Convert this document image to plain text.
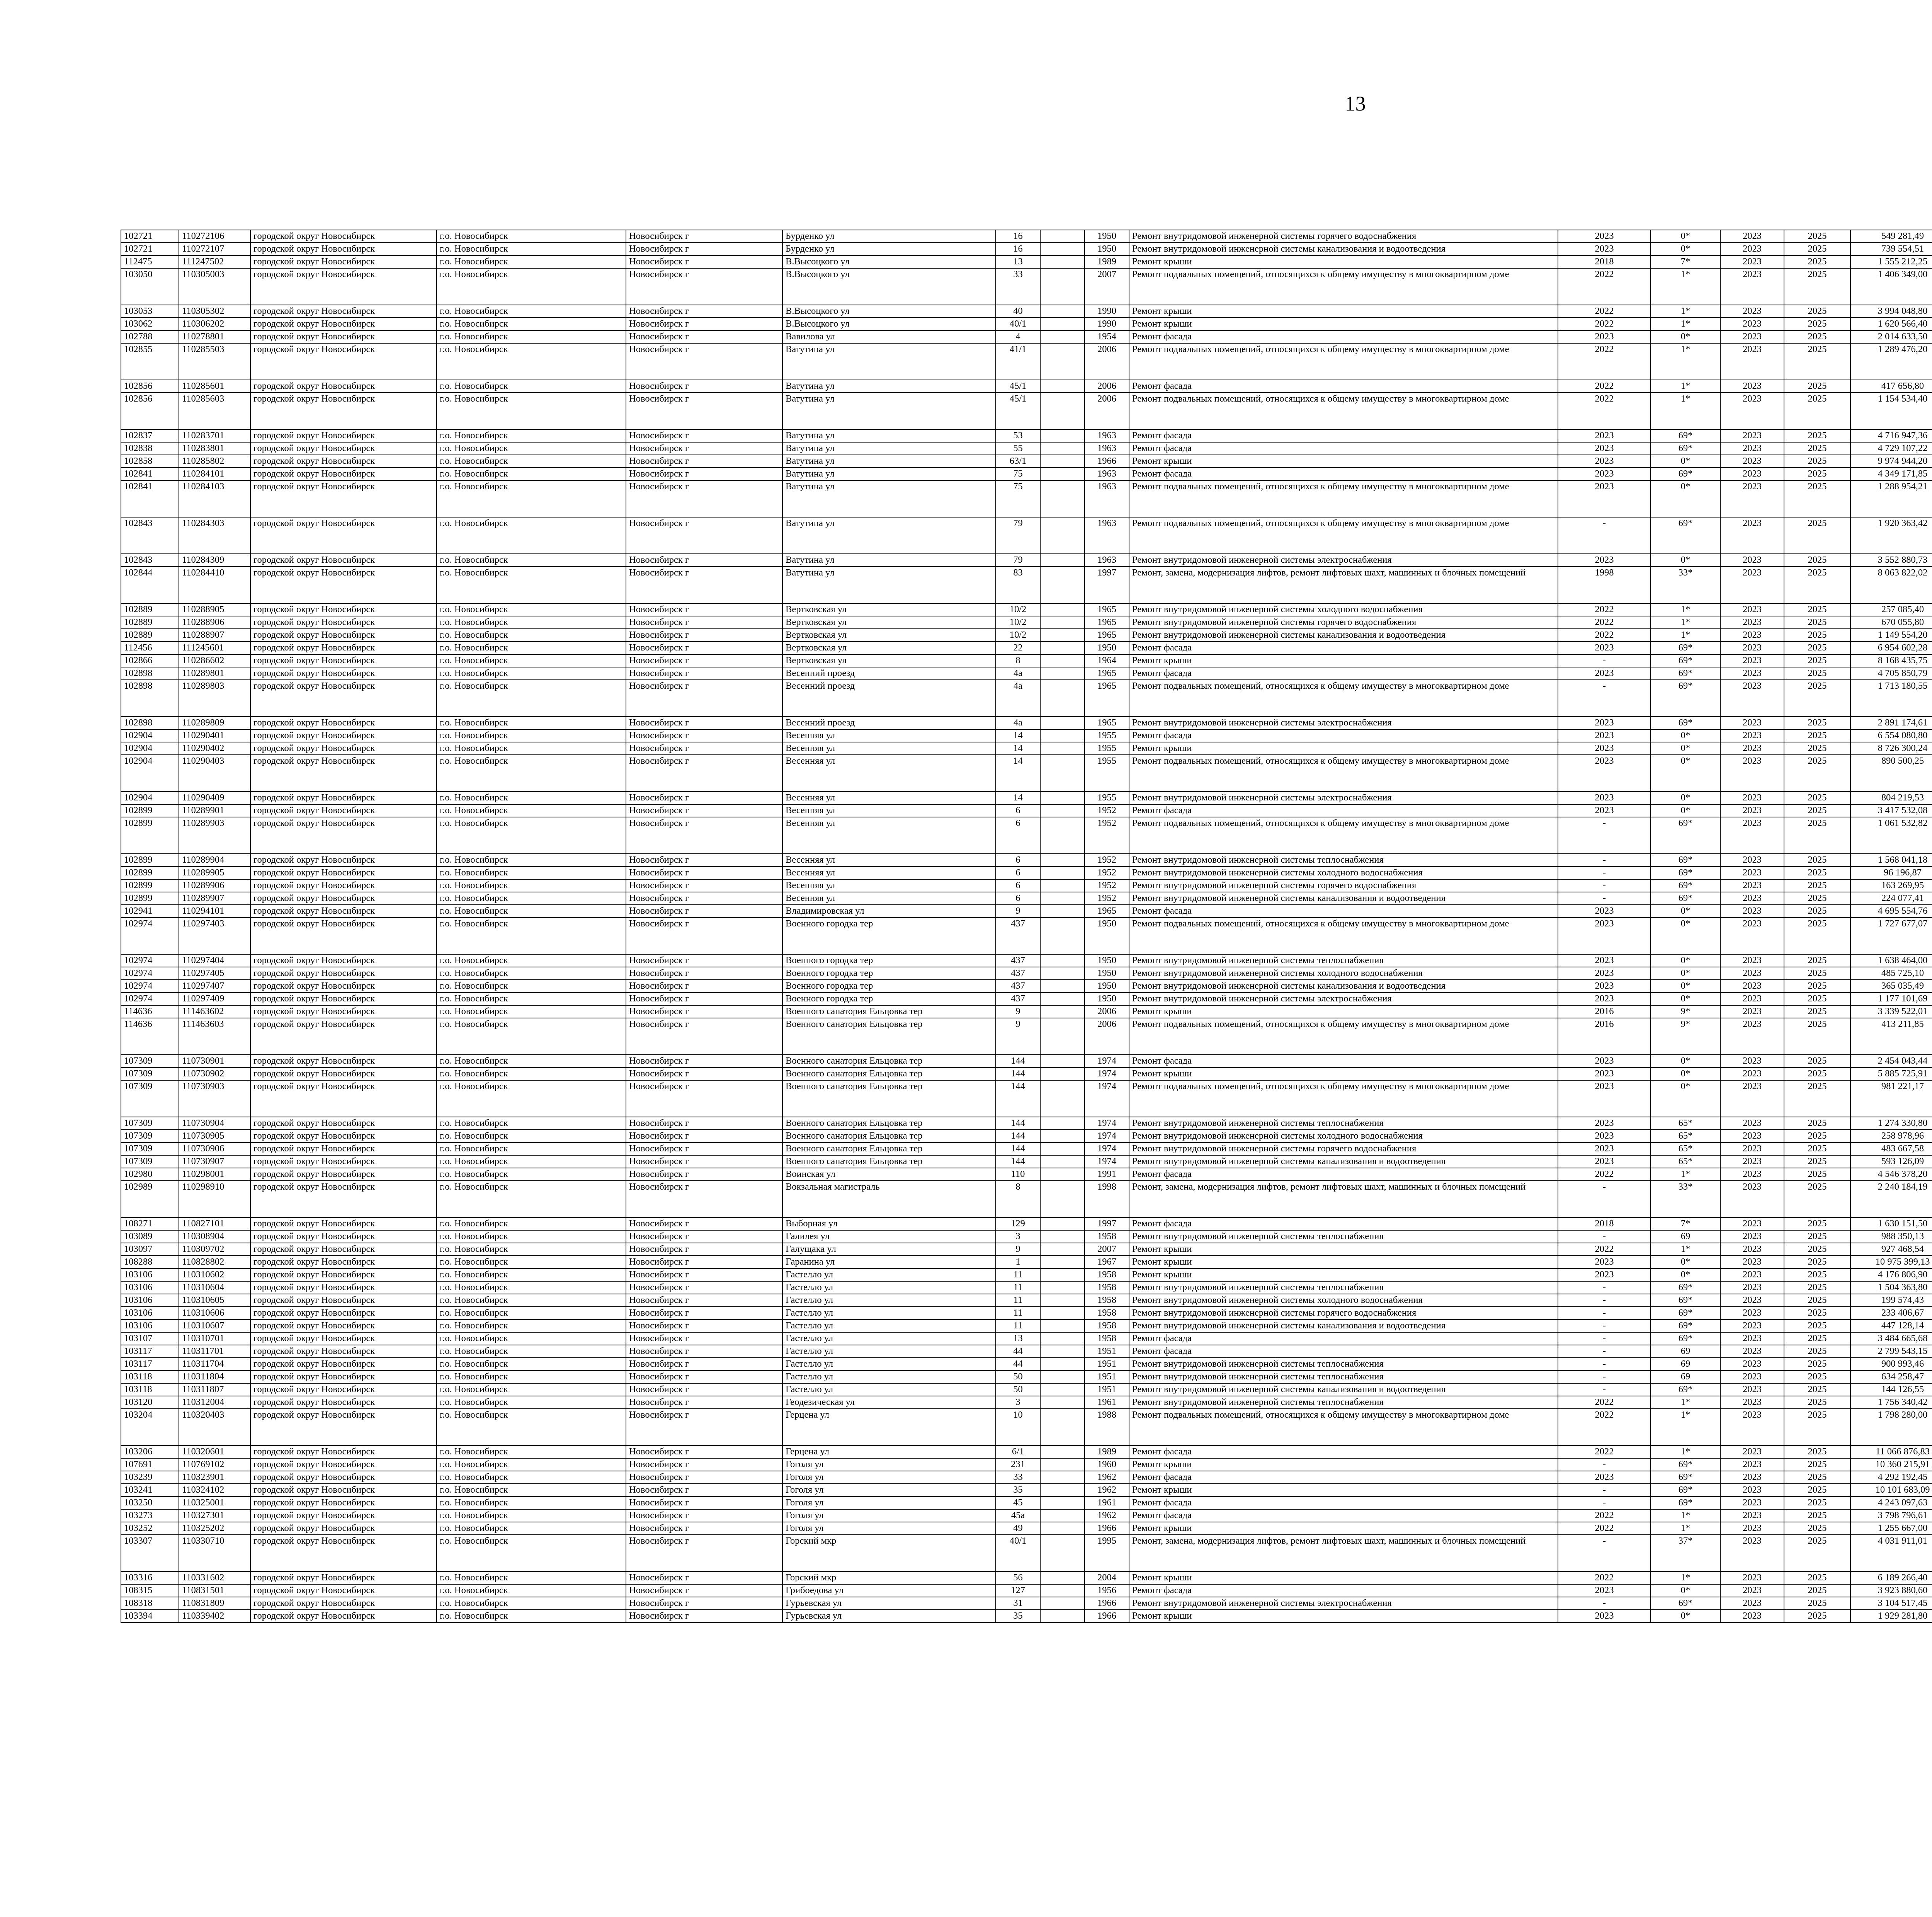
13
102721	110272106	городской округ Новосибирск	г.о. Новосибирск	Новосибирск г	Бурденко ул	16		1950	Ремонт внутридомовой инженерной системы горячего водоснабжения	2023	0*	2023	2025	549 281,49						
102721	110272107	городской округ Новосибирск	г.о. Новосибирск	Новосибирск г	Бурденко ул	16		1950	Ремонт внутридомовой инженерной системы канализования и водоотведения	2023	0*	2023	2025	739 554,51						
112475	111247502	городской округ Новосибирск	г.о. Новосибирск	Новосибирск г	В.Высоцкого ул	13		1989	Ремонт крыши	2018	7*	2023	2025	1 555 212,25						
103050	110305003	городской округ Новосибирск	г.о. Новосибирск	Новосибирск г	В.Высоцкого ул	33		2007	Ремонт подвальных помещений, относящихся к общему имуществу в многоквартирном доме	2022	1*	2023	2025	1 406 349,00						
103053	110305302	городской округ Новосибирск	г.о. Новосибирск	Новосибирск г	В.Высоцкого ул	40		1990	Ремонт крыши	2022	1*	2023	2025	3 994 048,80						
103062	110306202	городской округ Новосибирск	г.о. Новосибирск	Новосибирск г	В.Высоцкого ул	40/1		1990	Ремонт крыши	2022	1*	2023	2025	1 620 566,40						
102788	110278801	городской округ Новосибирск	г.о. Новосибирск	Новосибирск г	Вавилова ул	4		1954	Ремонт фасада	2023	0*	2023	2025	2 014 633,50						
102855	110285503	городской округ Новосибирск	г.о. Новосибирск	Новосибирск г	Ватутина ул	41/1		2006	Ремонт подвальных помещений, относящихся к общему имуществу в многоквартирном доме	2022	1*	2023	2025	1 289 476,20						
102856	110285601	городской округ Новосибирск	г.о. Новосибирск	Новосибирск г	Ватутина ул	45/1		2006	Ремонт фасада	2022	1*	2023	2025	417 656,80						
102856	110285603	городской округ Новосибирск	г.о. Новосибирск	Новосибирск г	Ватутина ул	45/1		2006	Ремонт подвальных помещений, относящихся к общему имуществу в многоквартирном доме	2022	1*	2023	2025	1 154 534,40						
102837	110283701	городской округ Новосибирск	г.о. Новосибирск	Новосибирск г	Ватутина ул	53		1963	Ремонт фасада	2023	69*	2023	2025	4 716 947,36						
102838	110283801	городской округ Новосибирск	г.о. Новосибирск	Новосибирск г	Ватутина ул	55		1963	Ремонт фасада	2023	69*	2023	2025	4 729 107,22						
102858	110285802	городской округ Новосибирск	г.о. Новосибирск	Новосибирск г	Ватутина ул	63/1		1966	Ремонт крыши	2023	0*	2023	2025	9 974 944,20						
102841	110284101	городской округ Новосибирск	г.о. Новосибирск	Новосибирск г	Ватутина ул	75		1963	Ремонт фасада	2023	69*	2023	2025	4 349 171,85						
102841	110284103	городской округ Новосибирск	г.о. Новосибирск	Новосибирск г	Ватутина ул	75		1963	Ремонт подвальных помещений, относящихся к общему имуществу в многоквартирном доме	2023	0*	2023	2025	1 288 954,21						
102843	110284303	городской округ Новосибирск	г.о. Новосибирск	Новосибирск г	Ватутина ул	79		1963	Ремонт подвальных помещений, относящихся к общему имуществу в многоквартирном доме	-	69*	2023	2025	1 920 363,42						
102843	110284309	городской округ Новосибирск	г.о. Новосибирск	Новосибирск г	Ватутина ул	79		1963	Ремонт внутридомовой инженерной системы электроснабжения	2023	0*	2023	2025	3 552 880,73						
102844	110284410	городской округ Новосибирск	г.о. Новосибирск	Новосибирск г	Ватутина ул	83		1997	Ремонт, замена, модернизация лифтов, ремонт лифтовых шахт, машинных и блочных помещений	1998	33*	2023	2025	8 063 822,02						
102889	110288905	городской округ Новосибирск	г.о. Новосибирск	Новосибирск г	Вертковская ул	10/2		1965	Ремонт внутридомовой инженерной системы холодного водоснабжения	2022	1*	2023	2025	257 085,40						
102889	110288906	городской округ Новосибирск	г.о. Новосибирск	Новосибирск г	Вертковская ул	10/2		1965	Ремонт внутридомовой инженерной системы горячего водоснабжения	2022	1*	2023	2025	670 055,80						
102889	110288907	городской округ Новосибирск	г.о. Новосибирск	Новосибирск г	Вертковская ул	10/2		1965	Ремонт внутридомовой инженерной системы канализования и водоотведения	2022	1*	2023	2025	1 149 554,20						
112456	111245601	городской округ Новосибирск	г.о. Новосибирск	Новосибирск г	Вертковская ул	22		1950	Ремонт фасада	2023	69*	2023	2025	6 954 602,28						
102866	110286602	городской округ Новосибирск	г.о. Новосибирск	Новосибирск г	Вертковская ул	8		1964	Ремонт крыши	-	69*	2023	2025	8 168 435,75						
102898	110289801	городской округ Новосибирск	г.о. Новосибирск	Новосибирск г	Весенний проезд	4а		1965	Ремонт фасада	2023	69*	2023	2025	4 705 850,79						
102898	110289803	городской округ Новосибирск	г.о. Новосибирск	Новосибирск г	Весенний проезд	4а		1965	Ремонт подвальных помещений, относящихся к общему имуществу в многоквартирном доме	-	69*	2023	2025	1 713 180,55						
102898	110289809	городской округ Новосибирск	г.о. Новосибирск	Новосибирск г	Весенний проезд	4а		1965	Ремонт внутридомовой инженерной системы электроснабжения	2023	69*	2023	2025	2 891 174,61						
102904	110290401	городской округ Новосибирск	г.о. Новосибирск	Новосибирск г	Весенняя ул	14		1955	Ремонт фасада	2023	0*	2023	2025	6 554 080,80						
102904	110290402	городской округ Новосибирск	г.о. Новосибирск	Новосибирск г	Весенняя ул	14		1955	Ремонт крыши	2023	0*	2023	2025	8 726 300,24						
102904	110290403	городской округ Новосибирск	г.о. Новосибирск	Новосибирск г	Весенняя ул	14		1955	Ремонт подвальных помещений, относящихся к общему имуществу в многоквартирном доме	2023	0*	2023	2025	890 500,25						
102904	110290409	городской округ Новосибирск	г.о. Новосибирск	Новосибирск г	Весенняя ул	14		1955	Ремонт внутридомовой инженерной системы электроснабжения	2023	0*	2023	2025	804 219,53						
102899	110289901	городской округ Новосибирск	г.о. Новосибирск	Новосибирск г	Весенняя ул	6		1952	Ремонт фасада	2023	0*	2023	2025	3 417 532,08						
102899	110289903	городской округ Новосибирск	г.о. Новосибирск	Новосибирск г	Весенняя ул	6		1952	Ремонт подвальных помещений, относящихся к общему имуществу в многоквартирном доме	-	69*	2023	2025	1 061 532,82						
102899	110289904	городской округ Новосибирск	г.о. Новосибирск	Новосибирск г	Весенняя ул	6		1952	Ремонт внутридомовой инженерной системы теплоснабжения	-	69*	2023	2025	1 568 041,18						
102899	110289905	городской округ Новосибирск	г.о. Новосибирск	Новосибирск г	Весенняя ул	6		1952	Ремонт внутридомовой инженерной системы холодного водоснабжения	-	69*	2023	2025	96 196,87						
102899	110289906	городской округ Новосибирск	г.о. Новосибирск	Новосибирск г	Весенняя ул	6		1952	Ремонт внутридомовой инженерной системы горячего водоснабжения	-	69*	2023	2025	163 269,95						
102899	110289907	городской округ Новосибирск	г.о. Новосибирск	Новосибирск г	Весенняя ул	6		1952	Ремонт внутридомовой инженерной системы канализования и водоотведения	-	69*	2023	2025	224 077,41						
102941	110294101	городской округ Новосибирск	г.о. Новосибирск	Новосибирск г	Владимировская ул	9		1965	Ремонт фасада	2023	0*	2023	2025	4 695 554,76						
102974	110297403	городской округ Новосибирск	г.о. Новосибирск	Новосибирск г	Военного городка тер	437		1950	Ремонт подвальных помещений, относящихся к общему имуществу в многоквартирном доме	2023	0*	2023	2025	1 727 677,07						
102974	110297404	городской округ Новосибирск	г.о. Новосибирск	Новосибирск г	Военного городка тер	437		1950	Ремонт внутридомовой инженерной системы теплоснабжения	2023	0*	2023	2025	1 638 464,00						
102974	110297405	городской округ Новосибирск	г.о. Новосибирск	Новосибирск г	Военного городка тер	437		1950	Ремонт внутридомовой инженерной системы холодного водоснабжения	2023	0*	2023	2025	485 725,10						
102974	110297407	городской округ Новосибирск	г.о. Новосибирск	Новосибирск г	Военного городка тер	437		1950	Ремонт внутридомовой инженерной системы канализования и водоотведения	2023	0*	2023	2025	365 035,49						
102974	110297409	городской округ Новосибирск	г.о. Новосибирск	Новосибирск г	Военного городка тер	437		1950	Ремонт внутридомовой инженерной системы электроснабжения	2023	0*	2023	2025	1 177 101,69						
114636	111463602	городской округ Новосибирск	г.о. Новосибирск	Новосибирск г	Военного санатория Ельцовка тер	9		2006	Ремонт крыши	2016	9*	2023	2025	3 339 522,01						
114636	111463603	городской округ Новосибирск	г.о. Новосибирск	Новосибирск г	Военного санатория Ельцовка тер	9		2006	Ремонт подвальных помещений, относящихся к общему имуществу в многоквартирном доме	2016	9*	2023	2025	413 211,85						
107309	110730901	городской округ Новосибирск	г.о. Новосибирск	Новосибирск г	Военного санатория Ельцовка тер	144		1974	Ремонт фасада	2023	0*	2023	2025	2 454 043,44						
107309	110730902	городской округ Новосибирск	г.о. Новосибирск	Новосибирск г	Военного санатория Ельцовка тер	144		1974	Ремонт крыши	2023	0*	2023	2025	5 885 725,91						
107309	110730903	городской округ Новосибирск	г.о. Новосибирск	Новосибирск г	Военного санатория Ельцовка тер	144		1974	Ремонт подвальных помещений, относящихся к общему имуществу в многоквартирном доме	2023	0*	2023	2025	981 221,17						
107309	110730904	городской округ Новосибирск	г.о. Новосибирск	Новосибирск г	Военного санатория Ельцовка тер	144		1974	Ремонт внутридомовой инженерной системы теплоснабжения	2023	65*	2023	2025	1 274 330,80						
107309	110730905	городской округ Новосибирск	г.о. Новосибирск	Новосибирск г	Военного санатория Ельцовка тер	144		1974	Ремонт внутридомовой инженерной системы холодного водоснабжения	2023	65*	2023	2025	258 978,96						
107309	110730906	городской округ Новосибирск	г.о. Новосибирск	Новосибирск г	Военного санатория Ельцовка тер	144		1974	Ремонт внутридомовой инженерной системы горячего водоснабжения	2023	65*	2023	2025	483 667,58						
107309	110730907	городской округ Новосибирск	г.о. Новосибирск	Новосибирск г	Военного санатория Ельцовка тер	144		1974	Ремонт внутридомовой инженерной системы канализования и водоотведения	2023	65*	2023	2025	593 126,09						
102980	110298001	городской округ Новосибирск	г.о. Новосибирск	Новосибирск г	Воинская ул	110		1991	Ремонт фасада	2022	1*	2023	2025	4 546 378,20						
102989	110298910	городской округ Новосибирск	г.о. Новосибирск	Новосибирск г	Вокзальная магистраль	8		1998	Ремонт, замена, модернизация лифтов, ремонт лифтовых шахт, машинных и блочных помещений	-	33*	2023	2025	2 240 184,19						
108271	110827101	городской округ Новосибирск	г.о. Новосибирск	Новосибирск г	Выборная ул	129		1997	Ремонт фасада	2018	7*	2023	2025	1 630 151,50						
103089	110308904	городской округ Новосибирск	г.о. Новосибирск	Новосибирск г	Галилея ул	3		1958	Ремонт внутридомовой инженерной системы теплоснабжения	-	69	2023	2025	988 350,13						
103097	110309702	городской округ Новосибирск	г.о. Новосибирск	Новосибирск г	Галущака ул	9		2007	Ремонт крыши	2022	1*	2023	2025	927 468,54						
108288	110828802	городской округ Новосибирск	г.о. Новосибирск	Новосибирск г	Гаранина ул	1		1967	Ремонт крыши	2023	0*	2023	2025	10 975 399,13						
103106	110310602	городской округ Новосибирск	г.о. Новосибирск	Новосибирск г	Гастелло ул	11		1958	Ремонт крыши	2023	0*	2023	2025	4 176 806,90						
103106	110310604	городской округ Новосибирск	г.о. Новосибирск	Новосибирск г	Гастелло ул	11		1958	Ремонт внутридомовой инженерной системы теплоснабжения	-	69*	2023	2025	1 504 363,80						
103106	110310605	городской округ Новосибирск	г.о. Новосибирск	Новосибирск г	Гастелло ул	11		1958	Ремонт внутридомовой инженерной системы холодного водоснабжения	-	69*	2023	2025	199 574,43						
103106	110310606	городской округ Новосибирск	г.о. Новосибирск	Новосибирск г	Гастелло ул	11		1958	Ремонт внутридомовой инженерной системы горячего водоснабжения	-	69*	2023	2025	233 406,67						
103106	110310607	городской округ Новосибирск	г.о. Новосибирск	Новосибирск г	Гастелло ул	11		1958	Ремонт внутридомовой инженерной системы канализования и водоотведения	-	69*	2023	2025	447 128,14						
103107	110310701	городской округ Новосибирск	г.о. Новосибирск	Новосибирск г	Гастелло ул	13		1958	Ремонт фасада	-	69*	2023	2025	3 484 665,68						
103117	110311701	городской округ Новосибирск	г.о. Новосибирск	Новосибирск г	Гастелло ул	44		1951	Ремонт фасада	-	69	2023	2025	2 799 543,15						
103117	110311704	городской округ Новосибирск	г.о. Новосибирск	Новосибирск г	Гастелло ул	44		1951	Ремонт внутридомовой инженерной системы теплоснабжения	-	69	2023	2025	900 993,46						
103118	110311804	городской округ Новосибирск	г.о. Новосибирск	Новосибирск г	Гастелло ул	50		1951	Ремонт внутридомовой инженерной системы теплоснабжения	-	69	2023	2025	634 258,47						
103118	110311807	городской округ Новосибирск	г.о. Новосибирск	Новосибирск г	Гастелло ул	50		1951	Ремонт внутридомовой инженерной системы канализования и водоотведения	-	69*	2023	2025	144 126,55						
103120	110312004	городской округ Новосибирск	г.о. Новосибирск	Новосибирск г	Геодезическая ул	3		1961	Ремонт внутридомовой инженерной системы теплоснабжения	2022	1*	2023	2025	1 756 340,42						
103204	110320403	городской округ Новосибирск	г.о. Новосибирск	Новосибирск г	Герцена ул	10		1988	Ремонт подвальных помещений, относящихся к общему имуществу в многоквартирном доме	2022	1*	2023	2025	1 798 280,00						
103206	110320601	городской округ Новосибирск	г.о. Новосибирск	Новосибирск г	Герцена ул	6/1		1989	Ремонт фасада	2022	1*	2023	2025	11 066 876,83						
107691	110769102	городской округ Новосибирск	г.о. Новосибирск	Новосибирск г	Гоголя ул	231		1960	Ремонт крыши	-	69*	2023	2025	10 360 215,91						
103239	110323901	городской округ Новосибирск	г.о. Новосибирск	Новосибирск г	Гоголя ул	33		1962	Ремонт фасада	2023	69*	2023	2025	4 292 192,45						
103241	110324102	городской округ Новосибирск	г.о. Новосибирск	Новосибирск г	Гоголя ул	35		1962	Ремонт крыши	-	69*	2023	2025	10 101 683,09						
103250	110325001	городской округ Новосибирск	г.о. Новосибирск	Новосибирск г	Гоголя ул	45		1961	Ремонт фасада	-	69*	2023	2025	4 243 097,63						
103273	110327301	городской округ Новосибирск	г.о. Новосибирск	Новосибирск г	Гоголя ул	45а		1962	Ремонт фасада	2022	1*	2023	2025	3 798 796,61						
103252	110325202	городской округ Новосибирск	г.о. Новосибирск	Новосибирск г	Гоголя ул	49		1966	Ремонт крыши	2022	1*	2023	2025	1 255 667,00						
103307	110330710	городской округ Новосибирск	г.о. Новосибирск	Новосибирск г	Горский мкр	40/1		1995	Ремонт, замена, модернизация лифтов, ремонт лифтовых шахт, машинных и блочных помещений	-	37*	2023	2025	4 031 911,01						
103316	110331602	городской округ Новосибирск	г.о. Новосибирск	Новосибирск г	Горский мкр	56		2004	Ремонт крыши	2022	1*	2023	2025	6 189 266,40						
108315	110831501	городской округ Новосибирск	г.о. Новосибирск	Новосибирск г	Грибоедова ул	127		1956	Ремонт фасада	2023	0*	2023	2025	3 923 880,60						
108318	110831809	городской округ Новосибирск	г.о. Новосибирск	Новосибирск г	Гурьевская ул	31		1966	Ремонт внутридомовой инженерной системы электроснабжения	-	69*	2023	2025	3 104 517,45						
103394	110339402	городской округ Новосибирск	г.о. Новосибирск	Новосибирск г	Гурьевская ул	35		1966	Ремонт крыши	2023	0*	2023	2025	1 929 281,80						
